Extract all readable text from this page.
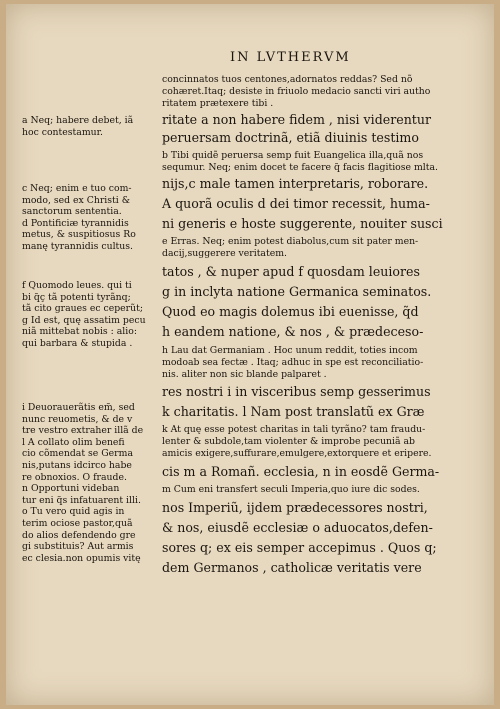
IN LVTHERVM
a Neq; habere debet, iã
hoc contestamur.
c Neq; enim e tuo com-
modo, sed ex Christi &
sanctorum sententia.
d Pontificiæ tyrannidis
metus, & suspitiosus Ro
manę tyrannidis cultus.
f Quomodo leues. qui ti
bi q̃ç tã potenti tyrãnq;
tã cito graues ec ceperũt;
g Id est, quę assatim pecu
niã mittebat nobis : alio:
qui barbara & stupida .
i Deuorauerãtis em̃, sed
nunc reuometis, & de v
tre vestro extraher illã de
l A collato olim benefi
cio cõmendat se Germa
nis,putans idcirco habe
re obnoxios. O fraude.
n Opportuni videban
tur eni q̃s infatuarent illi.
o Tu vero quid agis in
terim ociose pastor,quã
do alios defendendo gre
gi substituis? Aut armis
ec clesia.non opumis vitę
concinnatos tuos centones,adornatos reddas? Sed nõ
cohæret.Itaq; desiste in friuolo medacio sancti viri autho
ritatem prætexere tibi .
ritate a non habere fidem , nisi viderentur
peruersam doctrinã, etiã diuinis testimo
b Tibi quidẽ peruersa semp fuit Euangelica illa,quã nos
sequmur. Neq; enim docet te facere q̃ facis flagitiose mlta.
nijs,c male tamen interpretaris, roborare.
A quorã oculis d dei timor recessit, huma-
ni generis e hoste suggerente, nouiter susci
e Erras. Neq; enim potest diabolus,cum sit pater men-
dacij,suggerere veritatem.
tatos , & nuper apud f quosdam leuiores
g in inclyta natione Germanica seminatos.
Quod eo magis dolemus ibi euenisse, q̃d
h eandem natione, & nos , & prædeceso-
h Lau dat Germaniam . Hoc unum reddit, toties incom
modoab sea fectæ . Itaq; adhuc in spe est reconciliatio-
nis. aliter non sic blande palparet .
res nostri i in visceribus semp gesserimus
k charitatis. l Nam post translatũ ex Græ
k At quę esse potest charitas in tali tyrãno? tam fraudu-
lenter & subdole,tam violenter & improbe pecuniã ab
amicis exigere,suffurare,emulgere,extorquere et eripere.
cis m a Romañ. ecclesia, n in eosdẽ Germa-
m Cum eni transfert seculi Imperia,quo iure dic sodes.
nos Imperiũ, ijdem prædecessores nostri,
& nos, eiusdẽ ecclesiæ o aduocatos,defen-
sores q; ex eis semper accepimus . Quos q;
dem Germanos , catholicæ veritatis vere
